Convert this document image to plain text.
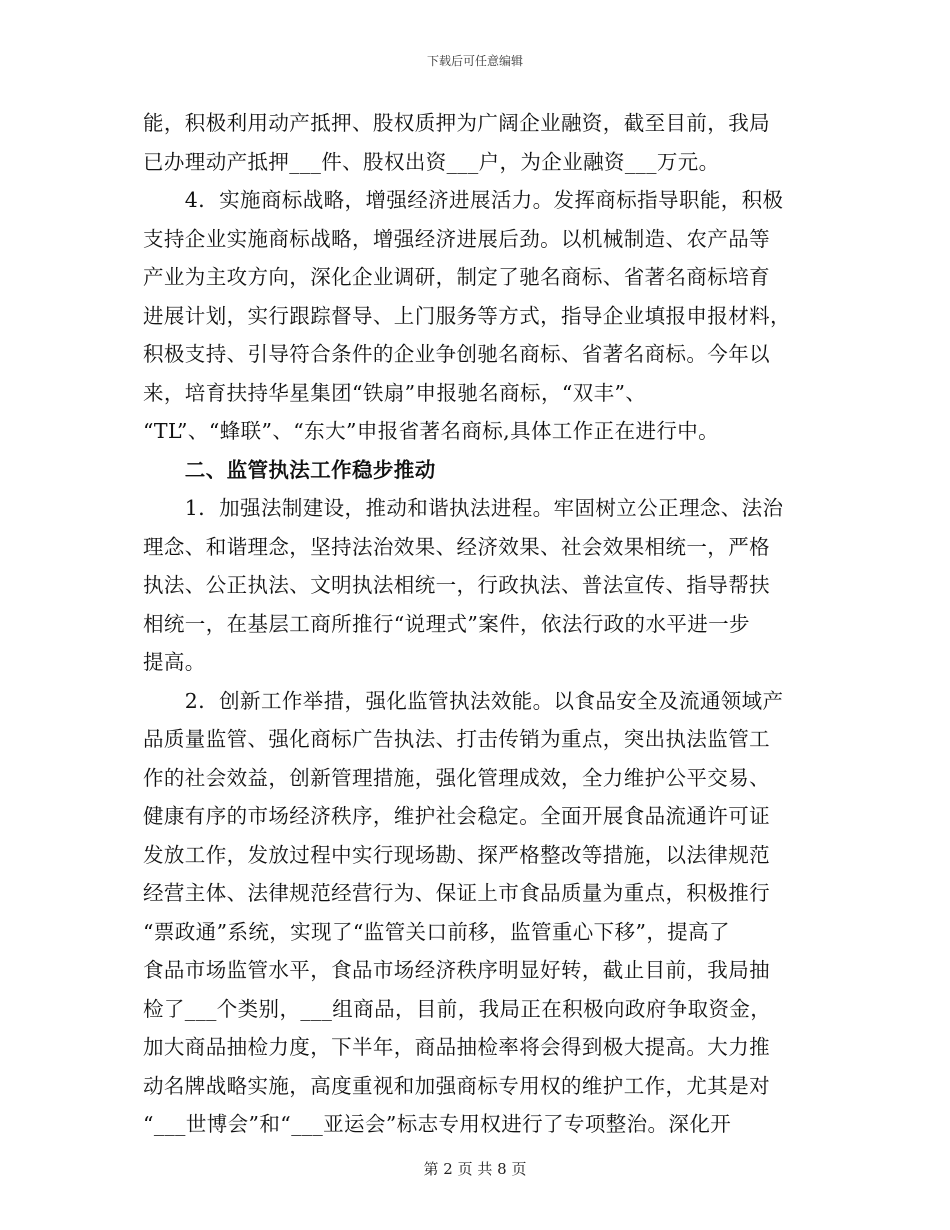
下载后可任意编辑
能，积极利用动产抵押、股权质押为广阔企业融资，截至目前，我局
已办理动产抵押___件、股权出资___户，为企业融资___万元。
　　4．实施商标战略，增强经济进展活力。发挥商标指导职能，积极
支持企业实施商标战略，增强经济进展后劲。以机械制造、农产品等
产业为主攻方向，深化企业调研，制定了驰名商标、省著名商标培育
进展计划，实行跟踪督导、上门服务等方式，指导企业填报申报材料，
积极支持、引导符合条件的企业争创驰名商标、省著名商标。今年以
来，培育扶持华星集团“铁扇”申报驰名商标，“双丰”、
“TL”、“蜂联”、“东大”申报省著名商标,具体工作正在进行中。
　　二、监管执法工作稳步推动
　　1．加强法制建设，推动和谐执法进程。牢固树立公正理念、法治
理念、和谐理念，坚持法治效果、经济效果、社会效果相统一，严格
执法、公正执法、文明执法相统一，行政执法、普法宣传、指导帮扶
相统一，在基层工商所推行“说理式”案件，依法行政的水平进一步
提高。
　　2．创新工作举措，强化监管执法效能。以食品安全及流通领域产
品质量监管、强化商标广告执法、打击传销为重点，突出执法监管工
作的社会效益，创新管理措施，强化管理成效，全力维护公平交易、
健康有序的市场经济秩序，维护社会稳定。全面开展食品流通许可证
发放工作，发放过程中实行现场勘、探严格整改等措施，以法律规范
经营主体、法律规范经营行为、保证上市食品质量为重点，积极推行
“票政通”系统，实现了“监管关口前移，监管重心下移”，提高了
食品市场监管水平，食品市场经济秩序明显好转，截止目前，我局抽
检了___个类别，___组商品，目前，我局正在积极向政府争取资金，
加大商品抽检力度，下半年，商品抽检率将会得到极大提高。大力推
动名牌战略实施，高度重视和加强商标专用权的维护工作，尤其是对
“___世博会”和“___亚运会”标志专用权进行了专项整治。深化开
第 2 页 共 8 页
